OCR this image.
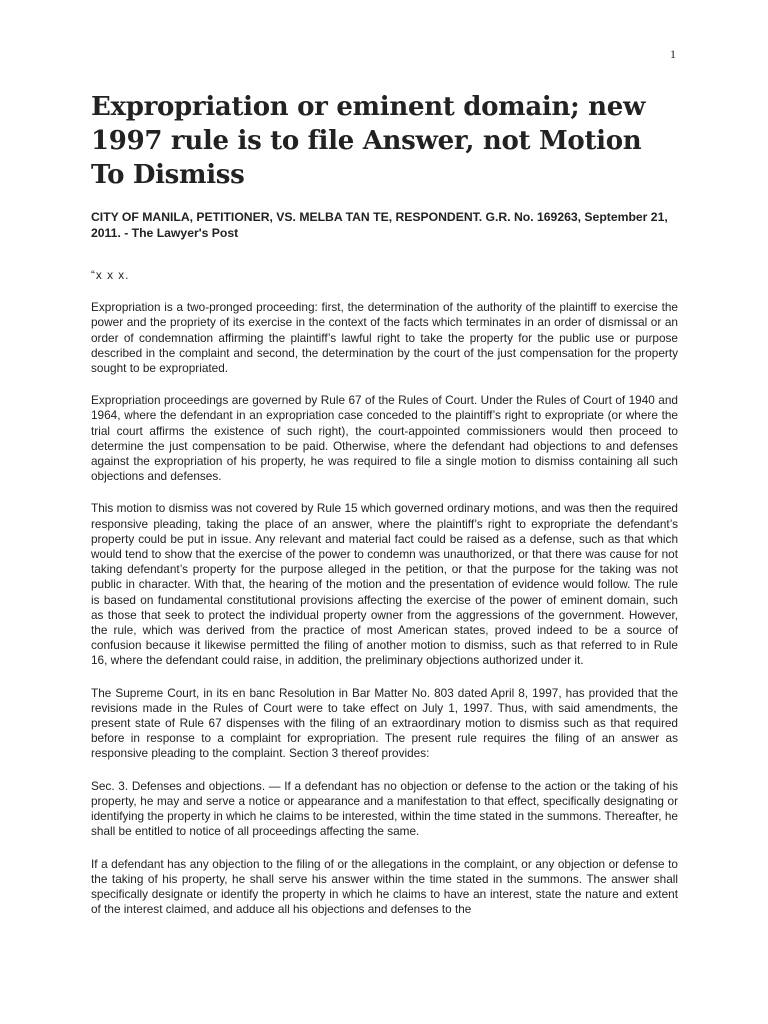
1
Expropriation or eminent domain; new 1997 rule is to file Answer, not Motion To Dismiss

CITY OF MANILA, PETITIONER, VS. MELBA TAN TE, RESPONDENT. G.R. No. 169263, September 21, 2011. - The Lawyer's Post

“x x x.

Expropriation is a two-pronged proceeding: first, the determination of the authority of the plaintiff to exercise the power and the propriety of its exercise in the context of the facts which terminates in an order of dismissal or an order of condemnation affirming the plaintiff’s lawful right to take the property for the public use or purpose described in the complaint and second, the determination by the court of the just compensation for the property sought to be expropriated.

Expropriation proceedings are governed by Rule 67 of the Rules of Court. Under the Rules of Court of 1940 and 1964, where the defendant in an expropriation case conceded to the plaintiff’s right to expropriate (or where the trial court affirms the existence of such right), the court-appointed commissioners would then proceed to determine the just compensation to be paid. Otherwise, where the defendant had objections to and defenses against the expropriation of his property, he was required to file a single motion to dismiss containing all such objections and defenses.

This motion to dismiss was not covered by Rule 15 which governed ordinary motions, and was then the required responsive pleading, taking the place of an answer, where the plaintiff’s right to expropriate the defendant’s property could be put in issue. Any relevant and material fact could be raised as a defense, such as that which would tend to show that the exercise of the power to condemn was unauthorized, or that there was cause for not taking defendant’s property for the purpose alleged in the petition, or that the purpose for the taking was not public in character. With that, the hearing of the motion and the presentation of evidence would follow. The rule is based on fundamental constitutional provisions affecting the exercise of the power of eminent domain, such as those that seek to protect the individual property owner from the aggressions of the government. However, the rule, which was derived from the practice of most American states, proved indeed to be a source of confusion because it likewise permitted the filing of another motion to dismiss, such as that referred to in Rule 16, where the defendant could raise, in addition, the preliminary objections authorized under it.

The Supreme Court, in its en banc Resolution in Bar Matter No. 803 dated April 8, 1997, has provided that the revisions made in the Rules of Court were to take effect on July 1, 1997. Thus, with said amendments, the present state of Rule 67 dispenses with the filing of an extraordinary motion to dismiss such as that required before in response to a complaint for expropriation. The present rule requires the filing of an answer as responsive pleading to the complaint. Section 3 thereof provides:

Sec. 3. Defenses and objections. — If a defendant has no objection or defense to the action or the taking of his property, he may and serve a notice or appearance and a manifestation to that effect, specifically designating or identifying the property in which he claims to be interested, within the time stated in the summons. Thereafter, he shall be entitled to notice of all proceedings affecting the same.

If a defendant has any objection to the filing of or the allegations in the complaint, or any objection or defense to the taking of his property, he shall serve his answer within the time stated in the summons. The answer shall specifically designate or identify the property in which he claims to have an interest, state the nature and extent of the interest claimed, and adduce all his objections and defenses to the
